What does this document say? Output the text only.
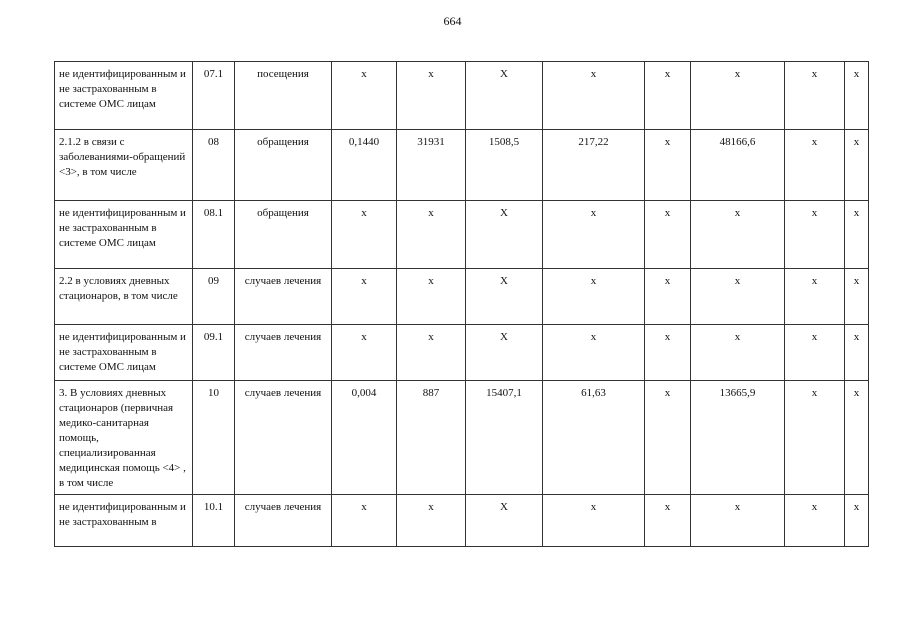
664
не идентифицированным и не застрахованным в системе ОМС лицам	07.1	посещения	х	х	Х	х	х	х	х	х
2.1.2 в связи с заболеваниями-обращений <3>, в том числе	08	обращения	0,1440	31931	1508,5	217,22	х	48166,6	х	х
не идентифицированным и не застрахованным в системе ОМС лицам	08.1	обращения	х	х	Х	х	х	х	х	х
2.2 в условиях дневных стационаров, в том числе	09	случаев лечения	х	х	Х	х	х	х	х	х
не идентифицированным и не застрахованным в системе ОМС лицам	09.1	случаев лечения	х	х	Х	х	х	х	х	х
3. В условиях дневных стационаров (первичная медико-санитарная помощь, специализированная медицинская помощь <4> , в том числе	10	случаев лечения	0,004	887	15407,1	61,63	х	13665,9	х	х
не идентифицированным и не застрахованным в	10.1	случаев лечения	х	х	Х	х	х	х	х	х
